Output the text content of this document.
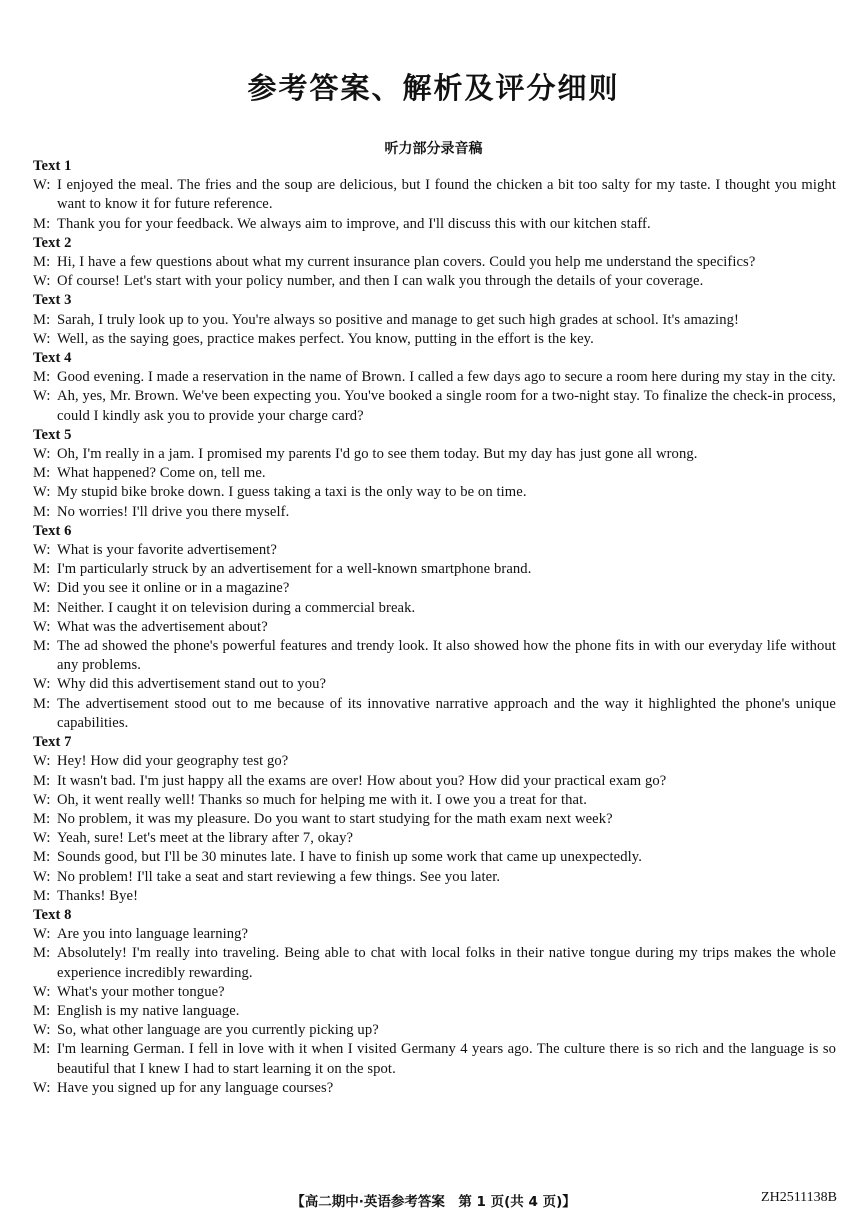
参考答案、解析及评分细则
听力部分录音稿
Text 1
W: I enjoyed the meal. The fries and the soup are delicious, but I found the chicken a bit too salty for my taste. I thought you might want to know it for future reference.
M: Thank you for your feedback. We always aim to improve, and I'll discuss this with our kitchen staff.
Text 2
M: Hi, I have a few questions about what my current insurance plan covers. Could you help me understand the specifics?
W: Of course! Let's start with your policy number, and then I can walk you through the details of your coverage.
Text 3
M: Sarah, I truly look up to you. You're always so positive and manage to get such high grades at school. It's amazing!
W: Well, as the saying goes, practice makes perfect. You know, putting in the effort is the key.
Text 4
M: Good evening. I made a reservation in the name of Brown. I called a few days ago to secure a room here during my stay in the city.
W: Ah, yes, Mr. Brown. We've been expecting you. You've booked a single room for a two-night stay. To finalize the check-in process, could I kindly ask you to provide your charge card?
Text 5
W: Oh, I'm really in a jam. I promised my parents I'd go to see them today. But my day has just gone all wrong.
M: What happened? Come on, tell me.
W: My stupid bike broke down. I guess taking a taxi is the only way to be on time.
M: No worries! I'll drive you there myself.
Text 6
W: What is your favorite advertisement?
M: I'm particularly struck by an advertisement for a well-known smartphone brand.
W: Did you see it online or in a magazine?
M: Neither. I caught it on television during a commercial break.
W: What was the advertisement about?
M: The ad showed the phone's powerful features and trendy look. It also showed how the phone fits in with our everyday life without any problems.
W: Why did this advertisement stand out to you?
M: The advertisement stood out to me because of its innovative narrative approach and the way it highlighted the phone's unique capabilities.
Text 7
W: Hey! How did your geography test go?
M: It wasn't bad. I'm just happy all the exams are over! How about you? How did your practical exam go?
W: Oh, it went really well! Thanks so much for helping me with it. I owe you a treat for that.
M: No problem, it was my pleasure. Do you want to start studying for the math exam next week?
W: Yeah, sure! Let's meet at the library after 7, okay?
M: Sounds good, but I'll be 30 minutes late. I have to finish up some work that came up unexpectedly.
W: No problem! I'll take a seat and start reviewing a few things. See you later.
M: Thanks! Bye!
Text 8
W: Are you into language learning?
M: Absolutely! I'm really into traveling. Being able to chat with local folks in their native tongue during my trips makes the whole experience incredibly rewarding.
W: What's your mother tongue?
M: English is my native language.
W: So, what other language are you currently picking up?
M: I'm learning German. I fell in love with it when I visited Germany 4 years ago. The culture there is so rich and the language is so beautiful that I knew I had to start learning it on the spot.
W: Have you signed up for any language courses?
【高二期中·英语参考答案　第 1 页(共 4 页)】	ZH2511138B
